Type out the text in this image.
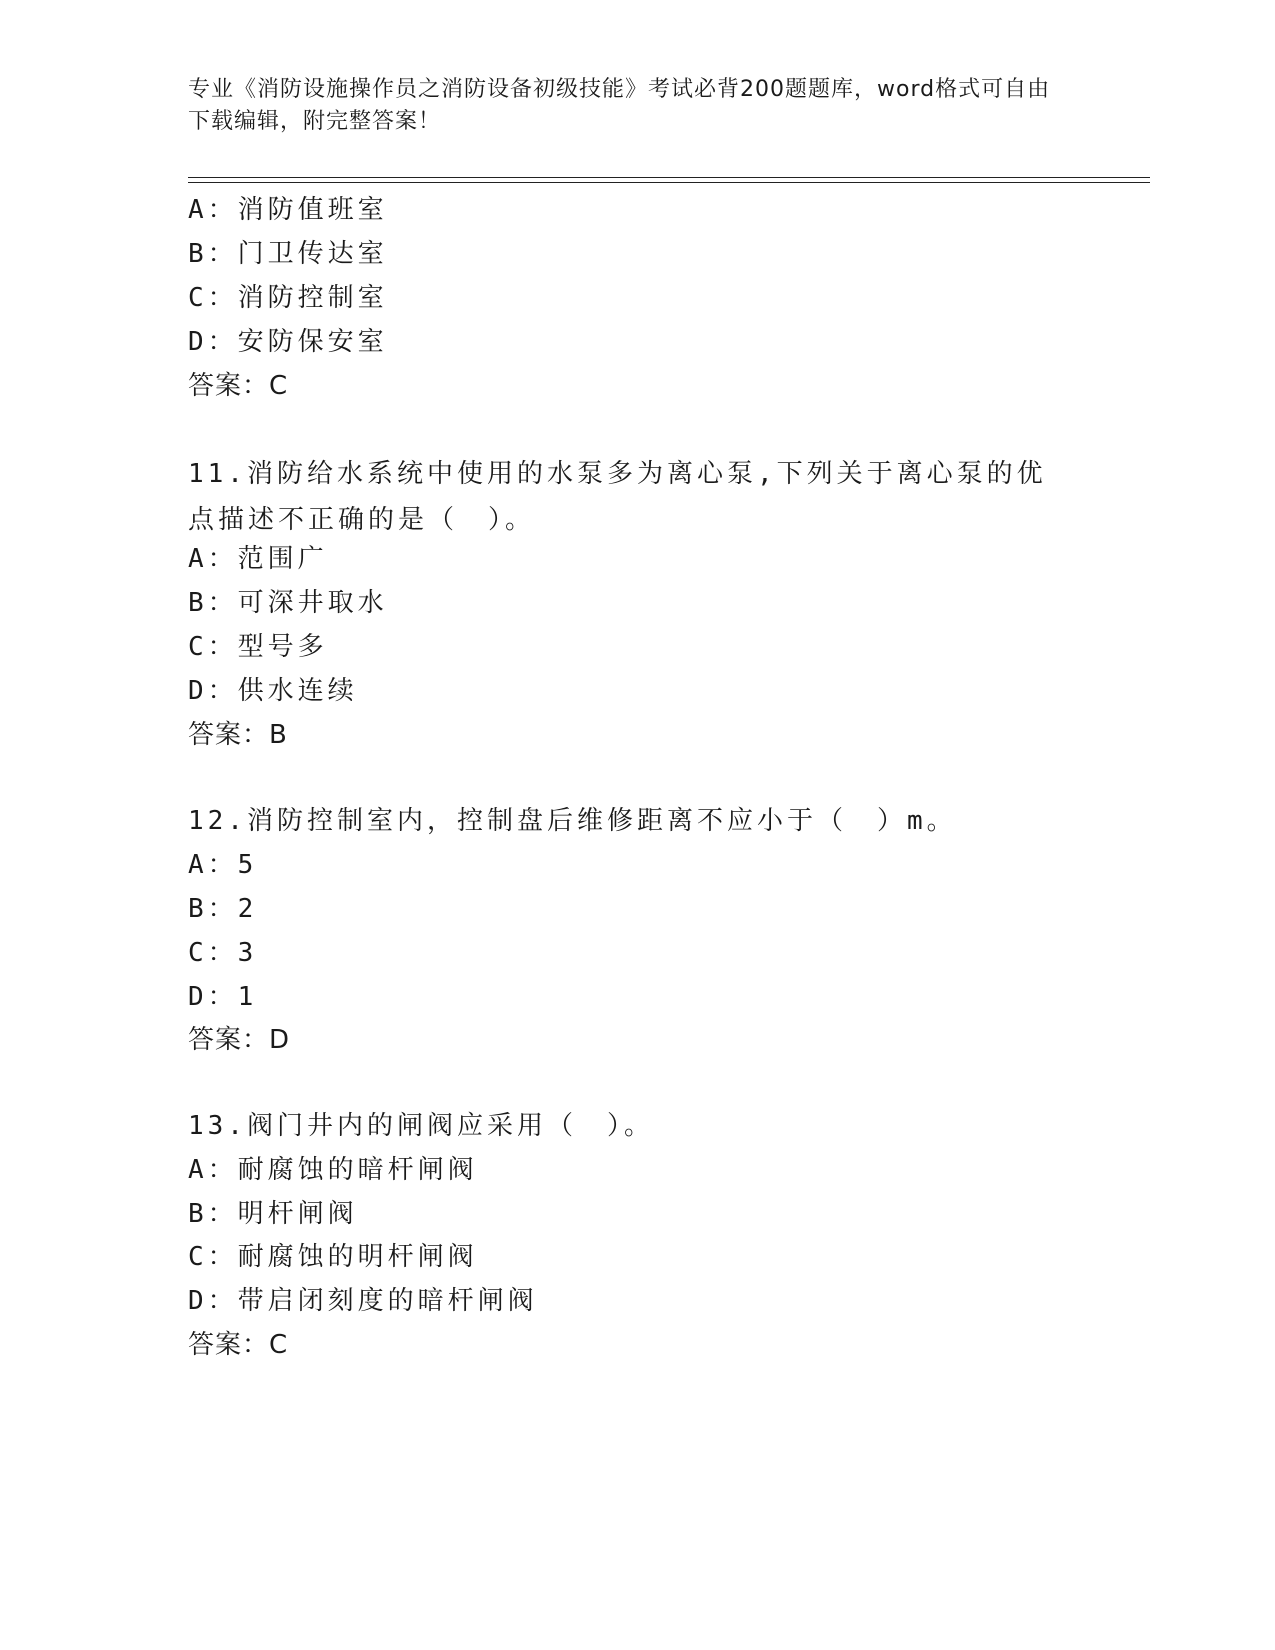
专业《消防设施操作员之消防设备初级技能》考试必背200题题库，word格式可自由下载编辑，附完整答案！
A：消防值班室
B：门卫传达室
C：消防控制室
D：安防保安室
答案：C
11.消防给水系统中使用的水泵多为离心泵,下列关于离心泵的优点描述不正确的是（　）。
A：范围广
B：可深井取水
C：型号多
D：供水连续
答案：B
12.消防控制室内，控制盘后维修距离不应小于（　）m。
A：5
B：2
C：3
D：1
答案：D
13.阀门井内的闸阀应采用（　）。
A：耐腐蚀的暗杆闸阀
B：明杆闸阀
C：耐腐蚀的明杆闸阀
D：带启闭刻度的暗杆闸阀
答案：C
